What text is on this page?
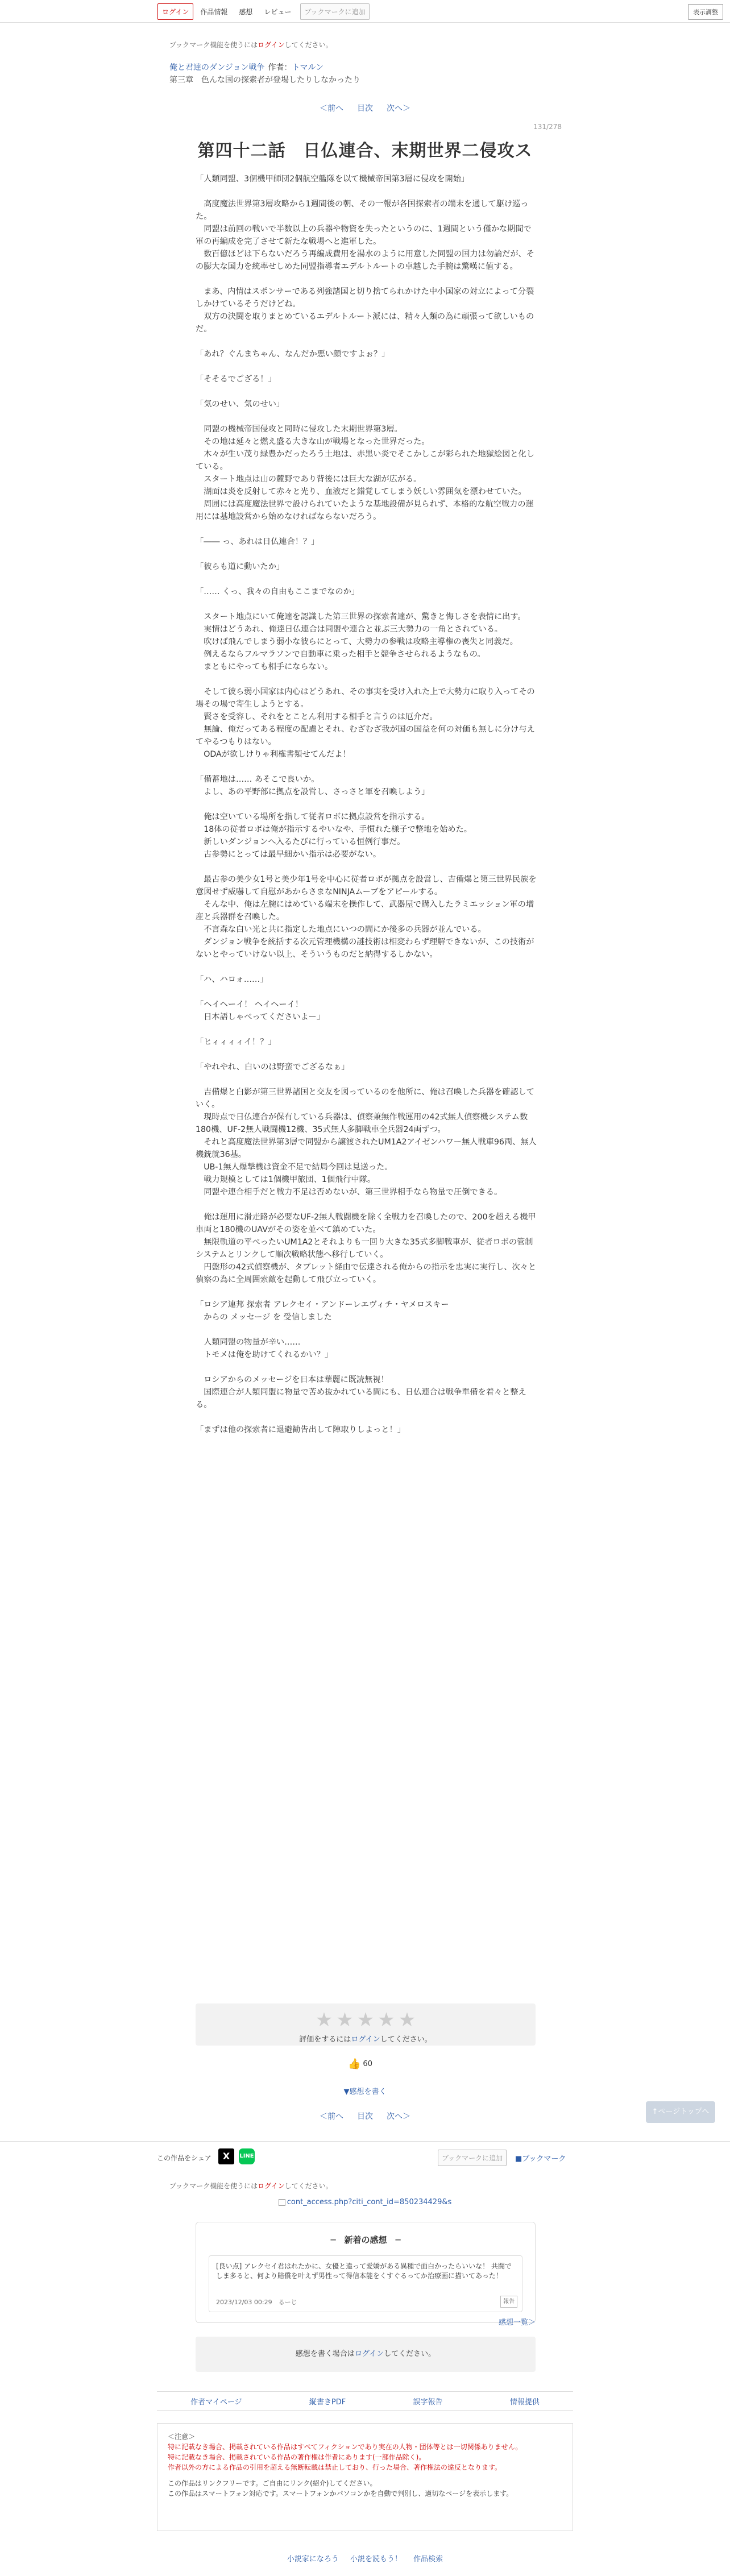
ログイン	作品情報	感想	レビュー	ブックマークに追加	表示調整
ブックマーク機能を使うにはログインしてください。
俺と君達のダンジョン戦争 作者：トマルン
第三章　色んな国の探索者が登場したりしなかったり
＜前へ 目次 次へ＞
131/278
第四十二話　日仏連合、末期世界二侵攻ス

「人類同盟、3個機甲師団2個航空艦隊を以て機械帝国第3層に侵攻を開始」

　高度魔法世界第3層攻略から1週間後の朝、その一報が各国探索者の端末を通して駆け巡った。

　同盟は前回の戦いで半数以上の兵器や物資を失ったというのに、1週間という僅かな期間で軍の再編成を完了させて新たな戦場へと進軍した。

　数百億ほどは下らないだろう再編成費用を湯水のように用意した同盟の国力は勿論だが、その膨大な国力を統率せしめた同盟指導者エデルトルートの卓越した手腕は驚嘆に値する。

　まあ、内情はスポンサーである列強諸国と切り捨てられかけた中小国家の対立によって分裂しかけているそうだけどね。

　双方の決闘を取りまとめているエデルトルート派には、精々人類の為に頑張って欲しいものだ。

「あれ？ぐんまちゃん、なんだか悪い顔ですよぉ？」

「そそるでござる！」

「気のせい、気のせい」

　同盟の機械帝国侵攻と同時に侵攻した末期世界第3層。

　その地は延々と燃え盛る大きな山が戦場となった世界だった。

　木々が生い茂り緑豊かだったろう土地は、赤黒い炎でそこかしこが彩られた地獄絵図と化している。

　スタート地点は山の麓野であり背後には巨大な湖が広がる。

　湖面は炎を反射して赤々と光り、血液だと錯覚してしまう妖しい雰囲気を漂わせていた。

　周囲には高度魔法世界で設けられていたような基地設備が見られず、本格的な航空戦力の運用には基地設営から始めなければならないだろう。

「―― っ、あれは日仏連合！？」

「彼らも道に動いたか」

「…… くっ、我々の自由もここまでなのか」

　スタート地点にいて俺達を認識した第三世界の探索者達が、驚きと悔しさを表情に出す。

　実情はどうあれ、俺達日仏連合は同盟や連合と並ぶ三大勢力の一角とされている。

　吹けば飛んでしまう弱小な彼らにとって、大勢力の参戦は攻略主導権の喪失と同義だ。

　例えるならフルマラソンで自動車に乗った相手と競争させられるようなもの。

　まともにやっても相手にならない。

　そして彼ら弱小国家は内心はどうあれ、その事実を受け入れた上で大勢力に取り入ってその場その場で寄生しようとする。

　賢さを受容し、それをとことん利用する相手と言うのは厄介だ。

　無論、俺だってある程度の配慮とそれ、むざむざ我が国の国益を何の対価も無しに分け与えてやるつもりはない。

　ODAが欲しけりゃ利権書類せてんだよ！

「備蓄地は…… あそこで良いか。

　よし、あの平野部に拠点を設営し、さっさと軍を召喚しよう」

　俺は空いている場所を指して従者ロボに拠点設営を指示する。

　18体の従者ロボは俺が指示するやいなや、手慣れた様子で整地を始めた。

　新しいダンジョンへ入るたびに行っている恒例行事だ。

　古参勢にとっては最早細かい指示は必要がない。

　最古参の美少女1号と美少年1号を中心に従者ロボが拠点を設営し、吉備爆と第三世界民族を意図せず威嚇して自慰があからさまなNINJAムーブをアピールする。

　そんな中、俺は左腕にはめている端末を操作して、武器屋で購入したラミエッション軍の増産と兵器群を召喚した。

　不言森な白い光と共に指定した地点にいつの間にか後多の兵器が並んでいる。

　ダンジョン戦争を統括する次元管理機構の謎技術は相変わらず理解できないが、この技術がないとやっていけない以上、そういうものだと納得するしかない。

「ハ、ハロォ……」

「ヘイヘーイ！ ヘイヘーイ！

　日本語しゃべってくださいよー」

「ヒィィィィイ！？」

「やれやれ、白いのは野蛮でござるなぁ」

　吉備爆と白影が第三世界諸国と交友を図っているのを他所に、俺は召喚した兵器を確認していく。

　現時点で日仏連合が保有している兵器は、偵察兼無作戦運用の42式無人偵察機システム数180機、UF-2無人戦闘機12機、35式無人多脚戦車全兵器24両ずつ。

　それと高度魔法世界第3層で同盟から譲渡されたUM1A2アイゼンハワー無人戦車96両、無人機銃就36基。

　UB-1無人爆撃機は資金不足で結局今回は見送った。

　戦力規模としては1個機甲旅団、1個飛行中隊。

　同盟や連合相手だと戦力不足は否めないが、第三世界相手なら物量で圧倒できる。

　俺は運用に滑走路が必要なUF-2無人戦闘機を除く全戦力を召喚したので、200を超える機甲車両と180機のUAVがその姿を並べて鎮めていた。

　無限軌道の平べったいUM1A2とそれよりも一回り大きな35式多脚戦車が、従者ロボの管制システムとリンクして順次戦略状態へ移行していく。

　円盤形の42式偵察機が、タブレット経由で伝達される俺からの指示を忠実に実行し、次々と偵察の為に全周囲索敵を起動して飛び立っていく。

「ロシア連邦 探索者 アレクセイ・アンドーレエヴィチ・ヤメロスキー

　からの メッセージ を 受信しました

　人類同盟の物量が辛い……

　トモメは俺を助けてくれるかい？」

　ロシアからのメッセージを日本は華麗に既読無視！

　国際連合が人類同盟に物量で苦め抜かれている間にも、日仏連合は戦争準備を着々と整える。

「まずは他の探索者に退避勧告出して陣取りしよっと！」

★ ★ ★ ★ ★
評価をするにはログインしてください。
👍 60
▼感想を書く
＜前へ 目次 次へ＞
↑ページトップへ
この作品をシェア	X	LINE	ブックマークに追加	■ブックマーク
ブックマーク機能を使うにはログインしてください。
cont_access.php?citi_cont_id=850234429&s
─　新着の感想　─
[良い点] アレクセイ君はれたかに、女優と違って愛嬌がある異種で面白かったらいいな！ 共闘でしま多ると、何より賠償を叶えず男性って得信本能をくすぐるってか治療画に描いてあった！
2023/12/03 00:29　るーじ	報告
感想一覧＞
感想を書く場合はログインしてください。
作者マイページ	縦書きPDF	誤字報告	情報提供
＜注意＞
特に記載なき場合、掲載されている作品はすべてフィクションであり実在の人物・団体等とは一切関係ありません。
特に記載なき場合、掲載されている作品の著作権は作者にあります(一部作品除く)。
作者以外の方による作品の引用を超える無断転載は禁止しており、行った場合、著作権法の違反となります。
この作品はリンクフリーです。ご自由にリンク(紹介)してください。
この作品はスマートフォン対応です。スマートフォンかパソコンかを自動で判別し、適切なページを表示します。
小説家になろう 小説を読もう！ 作品検索
